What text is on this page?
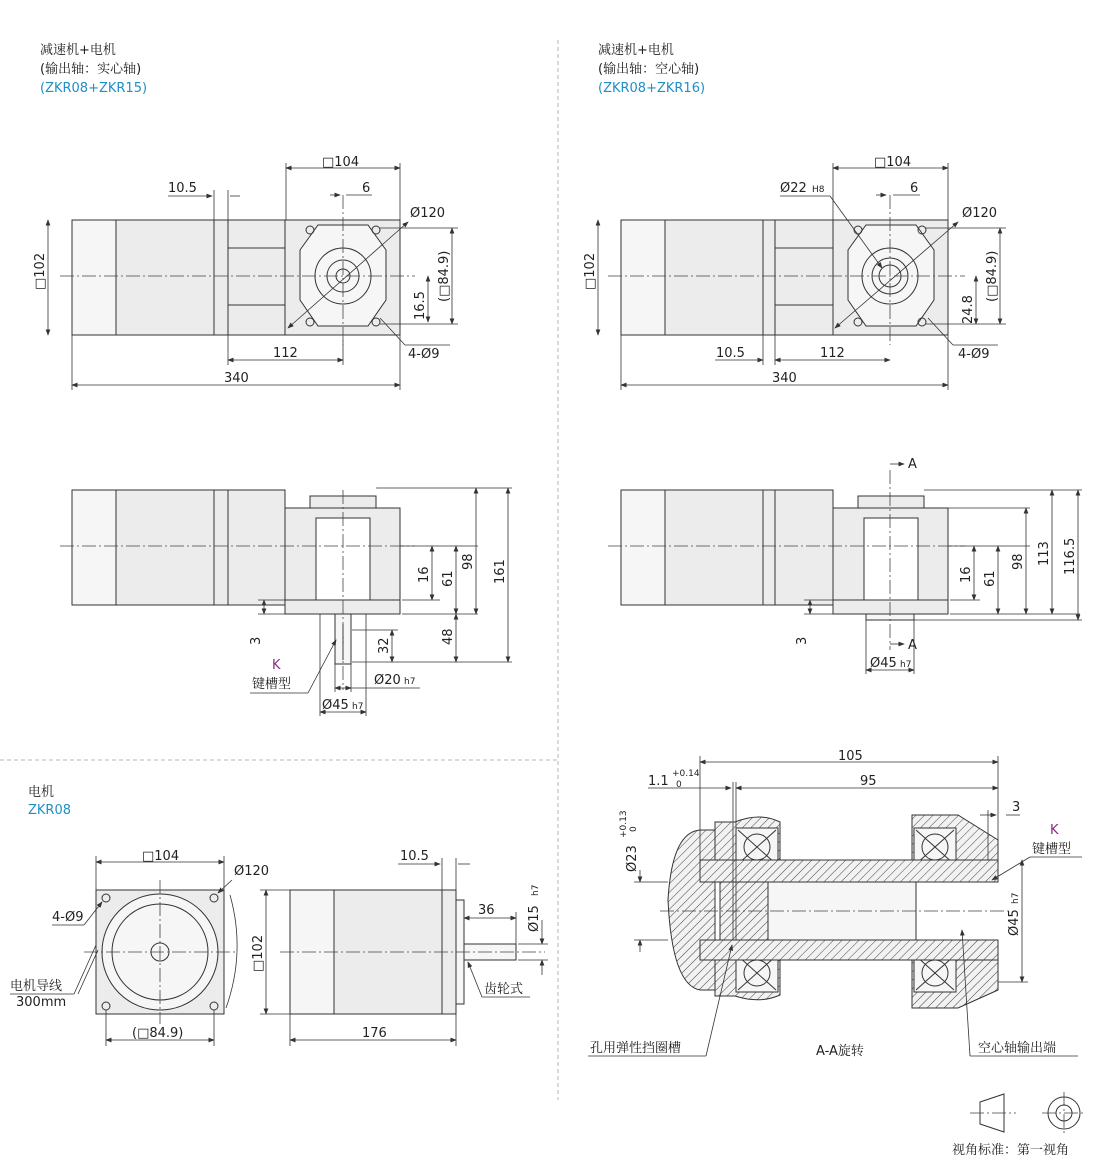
减速机+电机
(输出轴：实心轴)
(ZKR08+ZKR15)
□104
6
10.5
Ø120
□102	(□84.9)
16.5
4-Ø9
112
340
减速机+电机
(输出轴：空心轴)
(ZKR08+ZKR16)
□104
6
Ø22 H8
Ø120
□102	(□84.9)
24.8
4-Ø9
10.5	112
340
16 61
98 161
48
32
3
K
键槽型	Ø20 h7
Ø45 h7
A
A
16 61
98 113 116.5
3
Ø45 h7
电机
ZKR08
□104
Ø120
4-Ø9
电机导线
300mm
(□84.9)
10.5
36 Ø15
h7
□102
176
齿轮式
105
95
1.1 +0.14
0
3
K
键槽型
Ø23
+0.13 0
Ø45
h7
孔用弹性挡圈槽	A-A旋转	空心轴输出端
视角标准：第一视角
